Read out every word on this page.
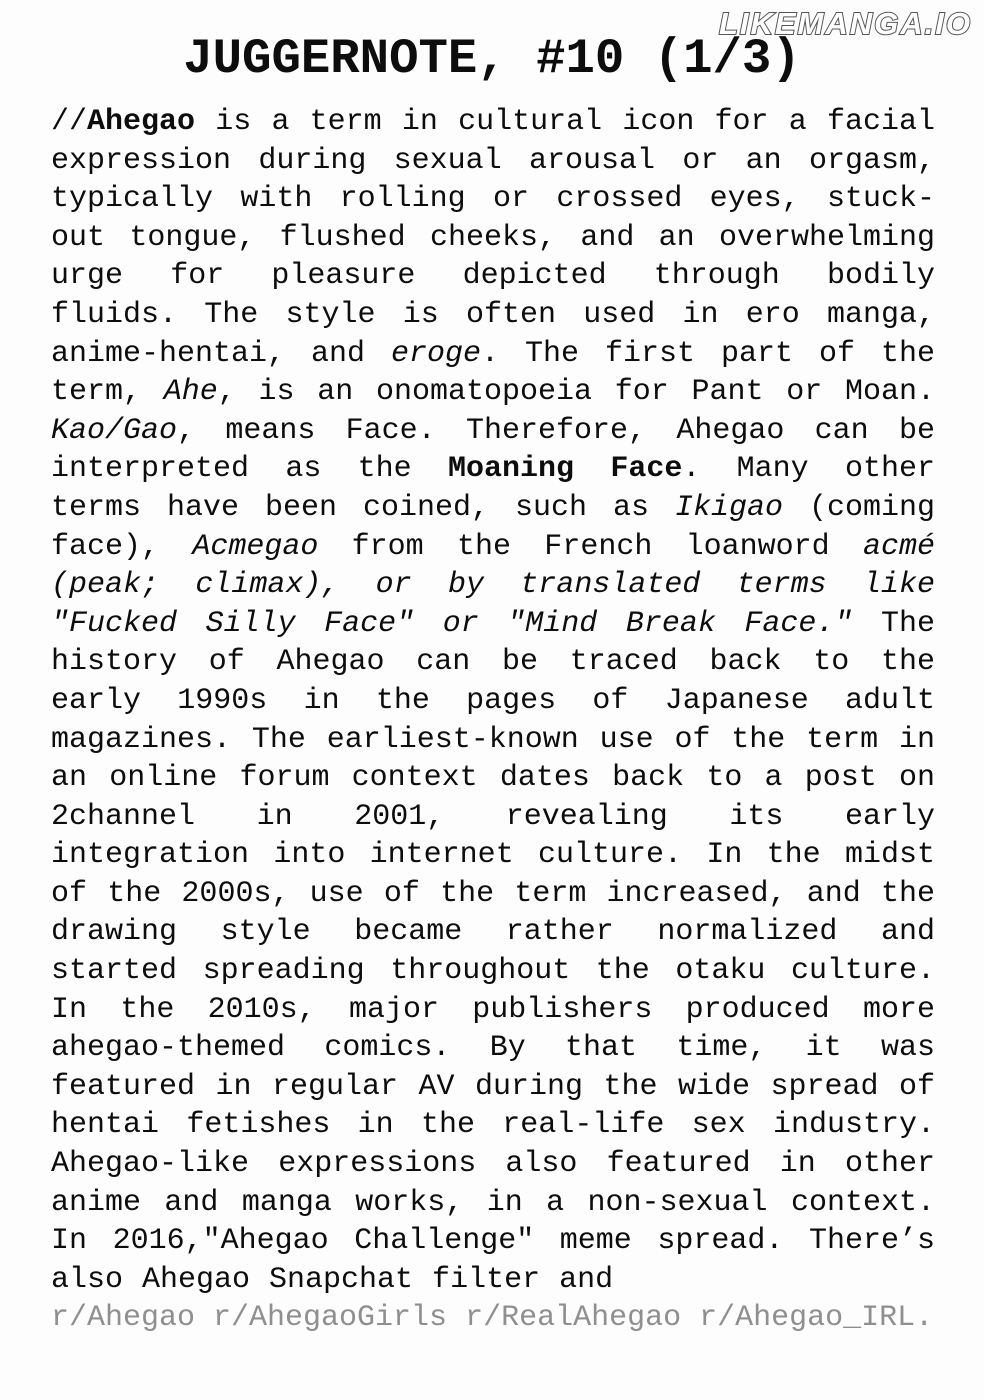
LIKEMANGA.IO
JUGGERNOTE, #10 (1/3)

//Ahegao is a term in cultural icon for a facial expression during sexual arousal or an orgasm, typically with rolling or crossed eyes, stuck-out tongue, flushed cheeks, and an overwhelming urge for pleasure depicted through bodily fluids. The style is often used in ero manga, anime-hentai, and eroge. The first part of the term, Ahe, is an onomatopoeia for Pant or Moan. Kao/Gao, means Face. Therefore, Ahegao can be interpreted as the Moaning Face. Many other terms have been coined, such as Ikigao (coming face), Acmegao from the French loanword acmé (peak; climax), or by translated terms like "Fucked Silly Face" or "Mind Break Face." The history of Ahegao can be traced back to the early 1990s in the pages of Japanese adult magazines. The earliest-known use of the term in an online forum context dates back to a post on 2channel in 2001, revealing its early integration into internet culture. In the midst of the 2000s, use of the term increased, and the drawing style became rather normalized and started spreading throughout the otaku culture. In the 2010s, major publishers produced more ahegao-themed comics. By that time, it was featured in regular AV during the wide spread of hentai fetishes in the real-life sex industry. Ahegao-like expressions also featured in other anime and manga works, in a non-sexual context. In 2016,"Ahegao Challenge" meme spread. There’s also Ahegao Snapchat filter and

r/Ahegao r/AhegaoGirls r/RealAhegao r/Ahegao_IRL.
